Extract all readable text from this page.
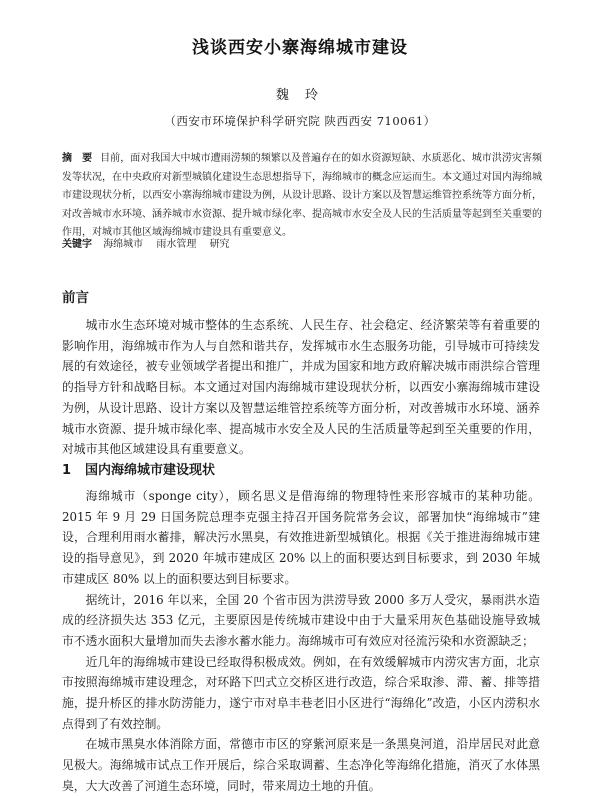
浅谈西安小寨海绵城市建设
魏 玲
（西安市环境保护科学研究院 陕西西安 710061）
摘　要 目前，面对我国大中城市遭雨涝频的频繁以及普遍存在的如水资源短缺、水质恶化、城市洪涝灾害频发等状况，在中央政府对新型城镇化建设生态思想指导下，海绵城市的概念应运而生。本文通过对国内海绵城市建设现状分析，以西安小寨海绵城市建设为例，从设计思路、设计方案以及智慧运维管控系统等方面分析，对改善城市水环境、涵养城市水资源、提升城市绿化率、提高城市水安全及人民的生活质量等起到至关重要的作用，对城市其他区域海绵城市建设具有重要意义。
关键字 海绵城市 雨水管理 研究
前言

城市水生态环境对城市整体的生态系统、人民生存、社会稳定、经济繁荣等有着重要的影响作用，海绵城市作为人与自然和谐共存，发挥城市水生态服务功能，引导城市可持续发展的有效途径，被专业领域学者提出和推广，并成为国家和地方政府解决城市雨洪综合管理的指导方针和战略目标。本文通过对国内海绵城市建设现状分析，以西安小寨海绵城市建设为例，从设计思路、设计方案以及智慧运维管控系统等方面分析，对改善城市水环境、涵养城市水资源、提升城市绿化率、提高城市水安全及人民的生活质量等起到至关重要的作用，对城市其他区域建设具有重要意义。

1 国内海绵城市建设现状

海绵城市（sponge city），顾名思义是借海绵的物理特性来形容城市的某种功能。2015 年 9 月 29 日国务院总理李克强主持召开国务院常务会议，部署加快“海绵城市”建设，合理利用雨水蓄排，解决污水黑臭，有效推进新型城镇化。根据《关于推进海绵城市建设的指导意见》，到 2020 年城市建成区 20% 以上的面积要达到目标要求，到 2030 年城市建成区 80% 以上的面积要达到目标要求。

据统计，2016 年以来，全国 20 个省市因为洪涝导致 2000 多万人受灾，暴雨洪水造成的经济损失达 353 亿元，主要原因是传统城市建设中由于大量采用灰色基础设施导致城市不透水面积大量增加而失去渗水蓄水能力。海绵城市可有效应对径流污染和水资源缺乏；

近几年的海绵城市建设已经取得积极成效。例如，在有效缓解城市内涝灾害方面，北京市按照海绵城市建设理念，对环路下凹式立交桥区进行改造，综合采取渗、滞、蓄、排等措施，提升桥区的排水防涝能力，遂宁市对阜丰巷老旧小区进行“海绵化”改造，小区内涝积水点得到了有效控制。

在城市黑臭水体消除方面，常德市市区的穿紫河原来是一条黑臭河道，沿岸居民对此意见极大。海绵城市试点工作开展后，综合采取调蓄、生态净化等海绵化措施，消灭了水体黑臭，大大改善了河道生态环境，同时，带来周边土地的升值。
